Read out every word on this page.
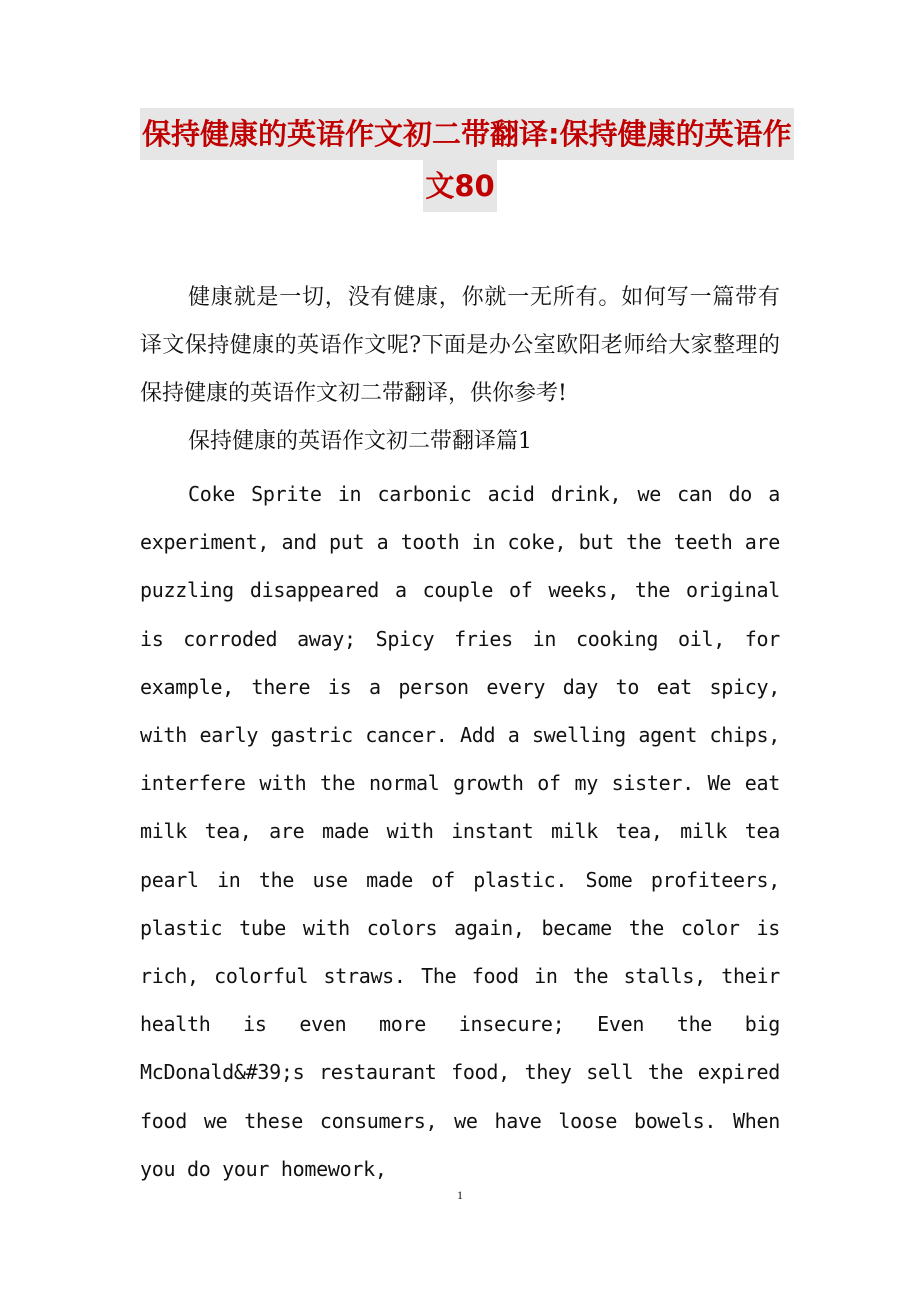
保持健康的英语作文初二带翻译:保持健康的英语作
文80

健康就是一切，没有健康，你就一无所有。如何写一篇带有译文保持健康的英语作文呢?下面是办公室欧阳老师给大家整理的保持健康的英语作文初二带翻译，供你参考!

保持健康的英语作文初二带翻译篇1

Coke Sprite in carbonic acid drink, we can do a experiment, and put a tooth in coke, but the teeth are puzzling disappeared a couple of weeks, the original is corroded away; Spicy fries in cooking oil, for example, there is a person every day to eat spicy, with early gastric cancer. Add a swelling agent chips, interfere with the normal growth of my sister. We eat milk tea, are made with instant milk tea, milk tea pearl in the use made of plastic. Some profiteers, plastic tube with colors again, became the color is rich, colorful straws. The food in the stalls, their health is even more insecure; Even the big McDonald&#39;s restaurant food, they sell the expired food we these consumers, we have loose bowels. When you do your homework,

1
